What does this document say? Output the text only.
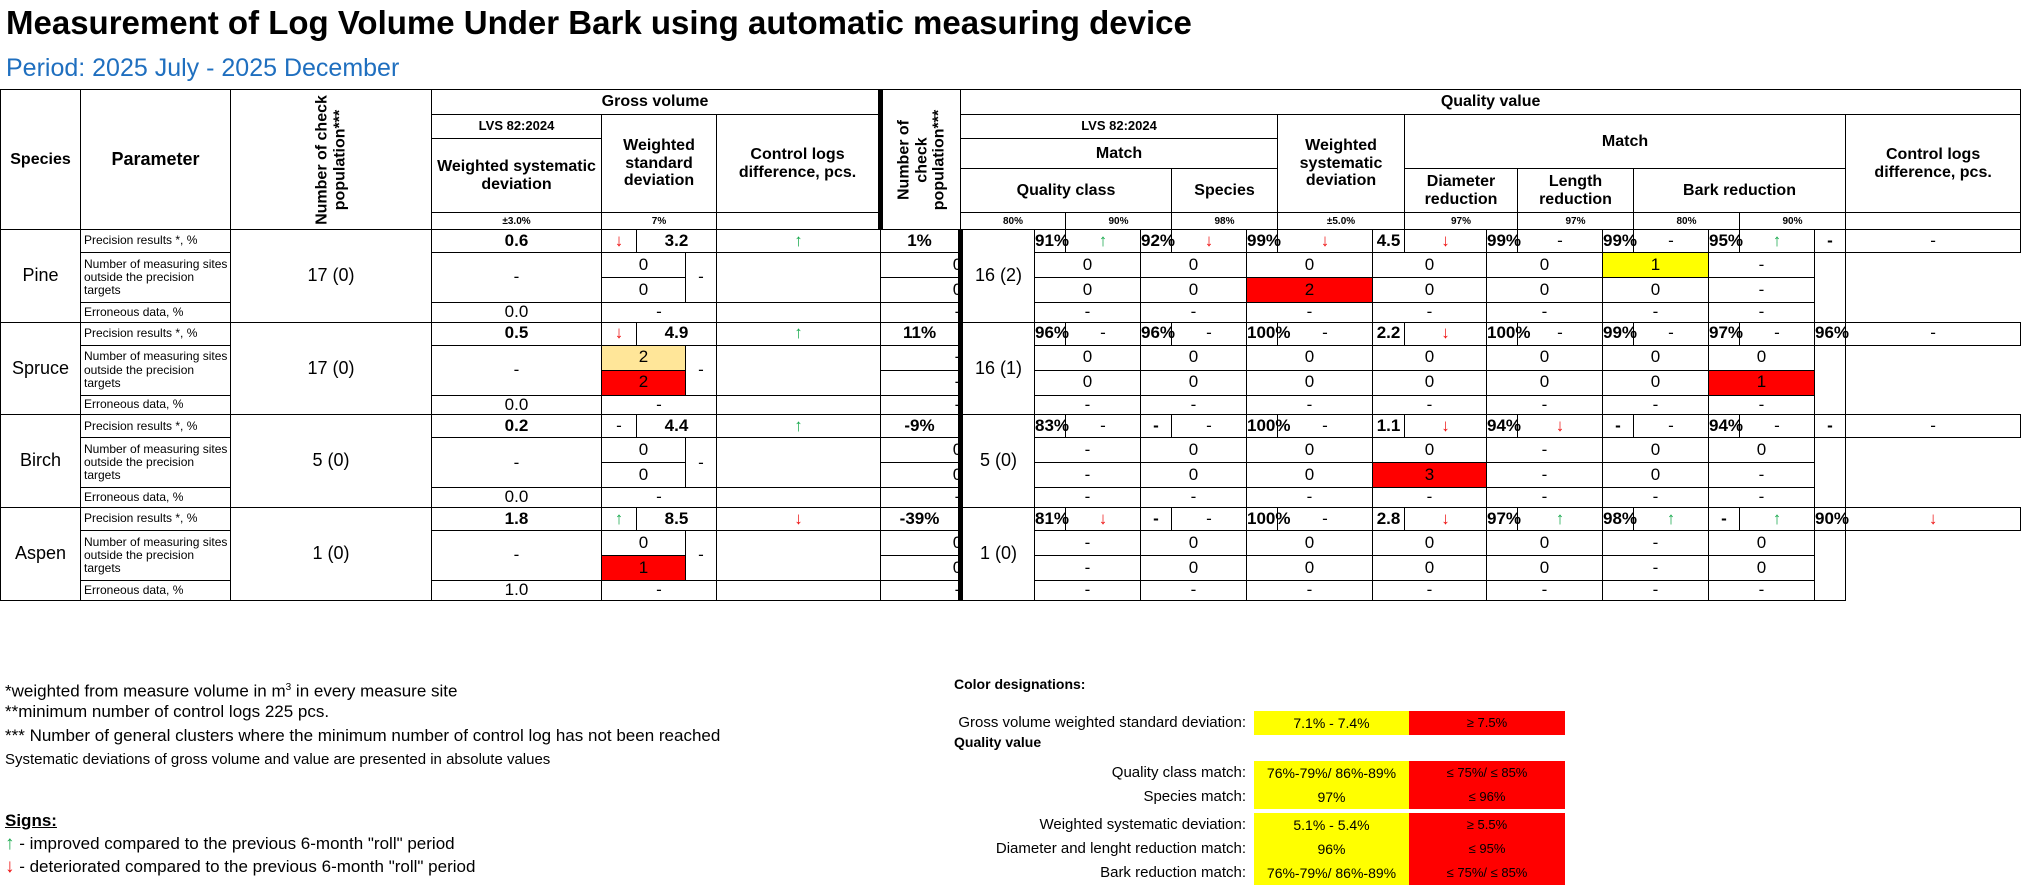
Measurement of Log Volume Under Bark using automatic measuring device
Period: 2025 July - 2025 December
Species	Parameter	Number of check population***	Gross volume					Number of check population***	Quality value																	
			LVS 82:2024	Weighted standard deviation			Control logs difference, pcs.		LVS 82:2024						Weighted systematic deviation		Match								Control logs difference, pcs.	
			Weighted systematic deviation						Match																	
									Quality class				Species				Diameter reduction		Length reduction		Bark reduction					
			±3.0%	7%					80%		90%		98%		±5.0%		97%		97%		80%		90%			
Pine	Precision results *, %	17 (0)	0.6	↓	3.2		↑	1%	16 (2)	91%	↑	92%	↓	99%	↓	4.5	↓	99%	-	99%	-	95%	↑	-	-	
	Number of measuring sites outside the precision targets		-	0		-		0		0		0		0		0		0		1		-				
				0				0		0		0		2		0		0		0		-				
	Erroneous data, %		0.0	-				-		-		-		-		-		-		-		-				
Spruce	Precision results *, %	17 (0)	0.5	↓	4.9		↑	11%	16 (1)	96%	-	96%	-	100%	-	2.2	↓	100%	-	99%	-	97%	-	96%	-	
	Number of measuring sites outside the precision targets		-	2		-		-		0		0		0		0		0		0		0				
				2				-		0		0		0		0		0		0		1				
	Erroneous data, %		0.0	-				-		-		-		-		-		-		-		-				
Birch	Precision results *, %	5 (0)	0.2	-	4.4		↑	-9%	5 (0)	83%	-	-	-	100%	-	1.1	↓	94%	↓	-	-	94%	-	-	-	
	Number of measuring sites outside the precision targets		-	0		-		0		-		0		0		0		-		0		0				
				0				0		-		0		0		3		-		0		-				
	Erroneous data, %		0.0	-				-		-		-		-		-		-		-		-				
Aspen	Precision results *, %	1 (0)	1.8	↑	8.5		↓	-39%	1 (0)	81%	↓	-	-	100%	-	2.8	↓	97%	↑	98%	↑	-	↑	90%	↓	
	Number of measuring sites outside the precision targets		-	0		-		0		-		0		0		0		0		-		0				
				1				0		-		0		0		0		0		-		0				
	Erroneous data, %		1.0	-				-		-		-		-		-		-		-		-				
*weighted from measure volume in $m^3$ in every measure site
**minimum number of control logs 225 pcs.
*** Number of general clusters where the minimum number of control log has not been reached
Systematic deviations of gross volume and value are presented in absolute values
Signs:
↑ - improved compared to the previous 6-month "roll" period
↓ - deteriorated compared to the previous 6-month "roll" period
Color designations:
Gross volume weighted standard deviation:	7.1% - 7.4%	≥ 7.5%
Quality class match:	76%-79%/ 86%-89%	≤ 75%/ ≤ 85%
Species match:	97%	≤ 96%
Weighted systematic deviation:	5.1% - 5.4%	≥ 5.5%
Diameter and lenght reduction match:	96%	≤ 95%
Bark reduction match:	76%-79%/ 86%-89%	≤ 75%/ ≤ 85%
Quality value
